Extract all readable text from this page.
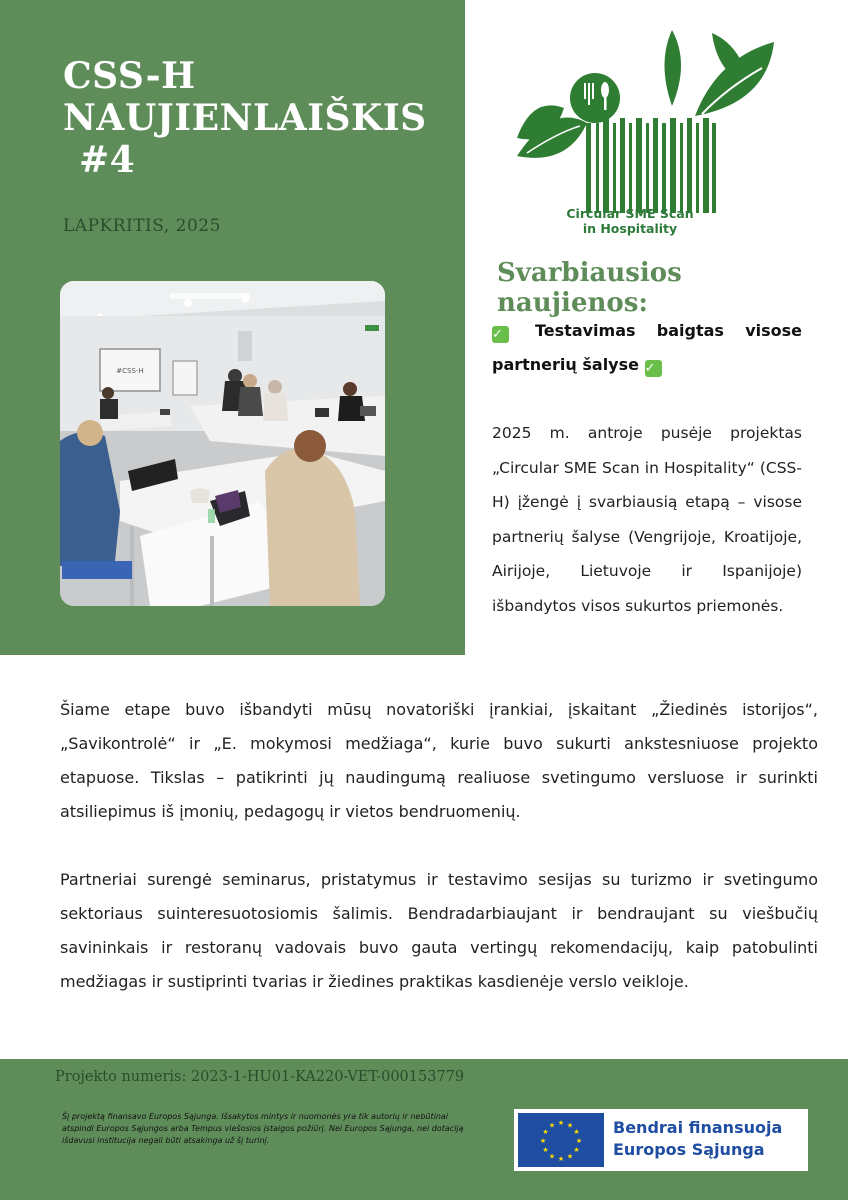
CSS-H
NAUJIENLAIŠKIS
#4
LAPKRITIS, 2025
#CSS-H
Circular SME Scan
in Hospitality
Svarbiausios naujienos:
✓ Testavimas baigtas visose partnerių šalyse ✓

2025 m. antroje pusėje projektas „Circular SME Scan in Hospitality“ (CSS-H) įžengė į svarbiausią etapą – visose partnerių šalyse (Vengrijoje, Kroatijoje, Airijoje, Lietuvoje ir Ispanijoje) išbandytos visos sukurtos priemonės.

Šiame etape buvo išbandyti mūsų novatoriški įrankiai, įskaitant „Žiedinės istorijos“, „Savikontrolė“ ir „E. mokymosi medžiaga“, kurie buvo sukurti ankstesniuose projekto etapuose. Tikslas – patikrinti jų naudingumą realiuose svetingumo versluose ir surinkti atsiliepimus iš įmonių, pedagogų ir vietos bendruomenių.

Partneriai surengė seminarus, pristatymus ir testavimo sesijas su turizmo ir svetingumo sektoriaus suinteresuotosiomis šalimis. Bendradarbiaujant ir bendraujant su viešbučių savininkais ir restoranų vadovais buvo gauta vertingų rekomendacijų, kaip patobulinti medžiagas ir sustiprinti tvarias ir žiedines praktikas kasdienėje verslo veikloje.

Projekto numeris: 2023-1-HU01-KA220-VET-000153779

Šį projektą finansavo Europos Sąjunga. Išsakytos mintys ir nuomonės yra tik autorių ir nebūtinai atspindi Europos Sąjungos arba Tempus viešosios įstaigos požiūrį. Nei Europos Sąjunga, nei dotaciją išdavusi institucija negali būti atsakinga už šį turinį.

★ ★
★
★
★
★
★
★
★
★
★
★	Bendrai finansuoja
Europos Sąjunga
